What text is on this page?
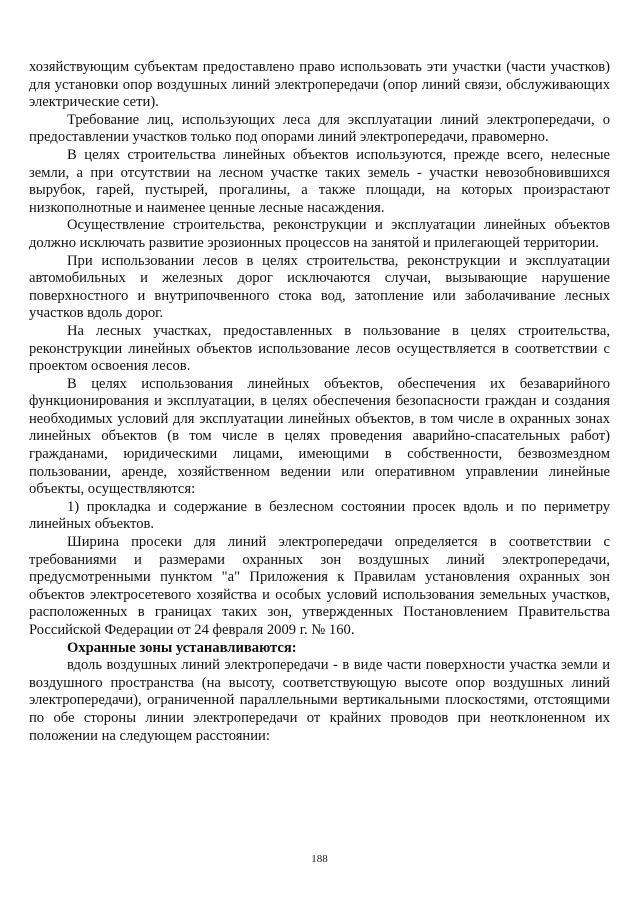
хозяйствующим субъектам предоставлено право использовать эти участки (части участков) для установки опор воздушных линий электропередачи (опор линий связи, обслуживающих электрические сети).

Требование лиц, использующих леса для эксплуатации линий электропередачи, о предоставлении участков только под опорами линий электропередачи, правомерно.

В целях строительства линейных объектов используются, прежде всего, нелесные земли, а при отсутствии на лесном участке таких земель - участки невозобновившихся вырубок, гарей, пустырей, прогалины, а также площади, на которых произрастают низкополнотные и наименее ценные лесные насаждения.

Осуществление строительства, реконструкции и эксплуатации линейных объектов должно исключать развитие эрозионных процессов на занятой и прилегающей территории.

При использовании лесов в целях строительства, реконструкции и эксплуатации автомобильных и железных дорог исключаются случаи, вызывающие нарушение поверхностного и внутрипочвенного стока вод, затопление или заболачивание лесных участков вдоль дорог.

На лесных участках, предоставленных в пользование в целях строительства, реконструкции линейных объектов использование лесов осуществляется в соответствии с проектом освоения лесов.

В целях использования линейных объектов, обеспечения их безаварийного функционирования и эксплуатации, в целях обеспечения безопасности граждан и создания необходимых условий для эксплуатации линейных объектов, в том числе в охранных зонах линейных объектов (в том числе в целях проведения аварийно-спасательных работ) гражданами, юридическими лицами, имеющими в собственности, безвозмездном пользовании, аренде, хозяйственном ведении или оперативном управлении линейные объекты, осуществляются:

1) прокладка и содержание в безлесном состоянии просек вдоль и по периметру линейных объектов.

Ширина просеки для линий электропередачи определяется в соответствии с требованиями и размерами охранных зон воздушных линий электропередачи, предусмотренными пунктом "а" Приложения к Правилам установления охранных зон объектов электросетевого хозяйства и особых условий использования земельных участков, расположенных в границах таких зон, утвержденных Постановлением Правительства Российской Федерации от 24 февраля 2009 г. № 160.

Охранные зоны устанавливаются:

вдоль воздушных линий электропередачи - в виде части поверхности участка земли и воздушного пространства (на высоту, соответствующую высоте опор воздушных линий электропередачи), ограниченной параллельными вертикальными плоскостями, отстоящими по обе стороны линии электропередачи от крайних проводов при неотклоненном их положении на следующем расстоянии:

188
